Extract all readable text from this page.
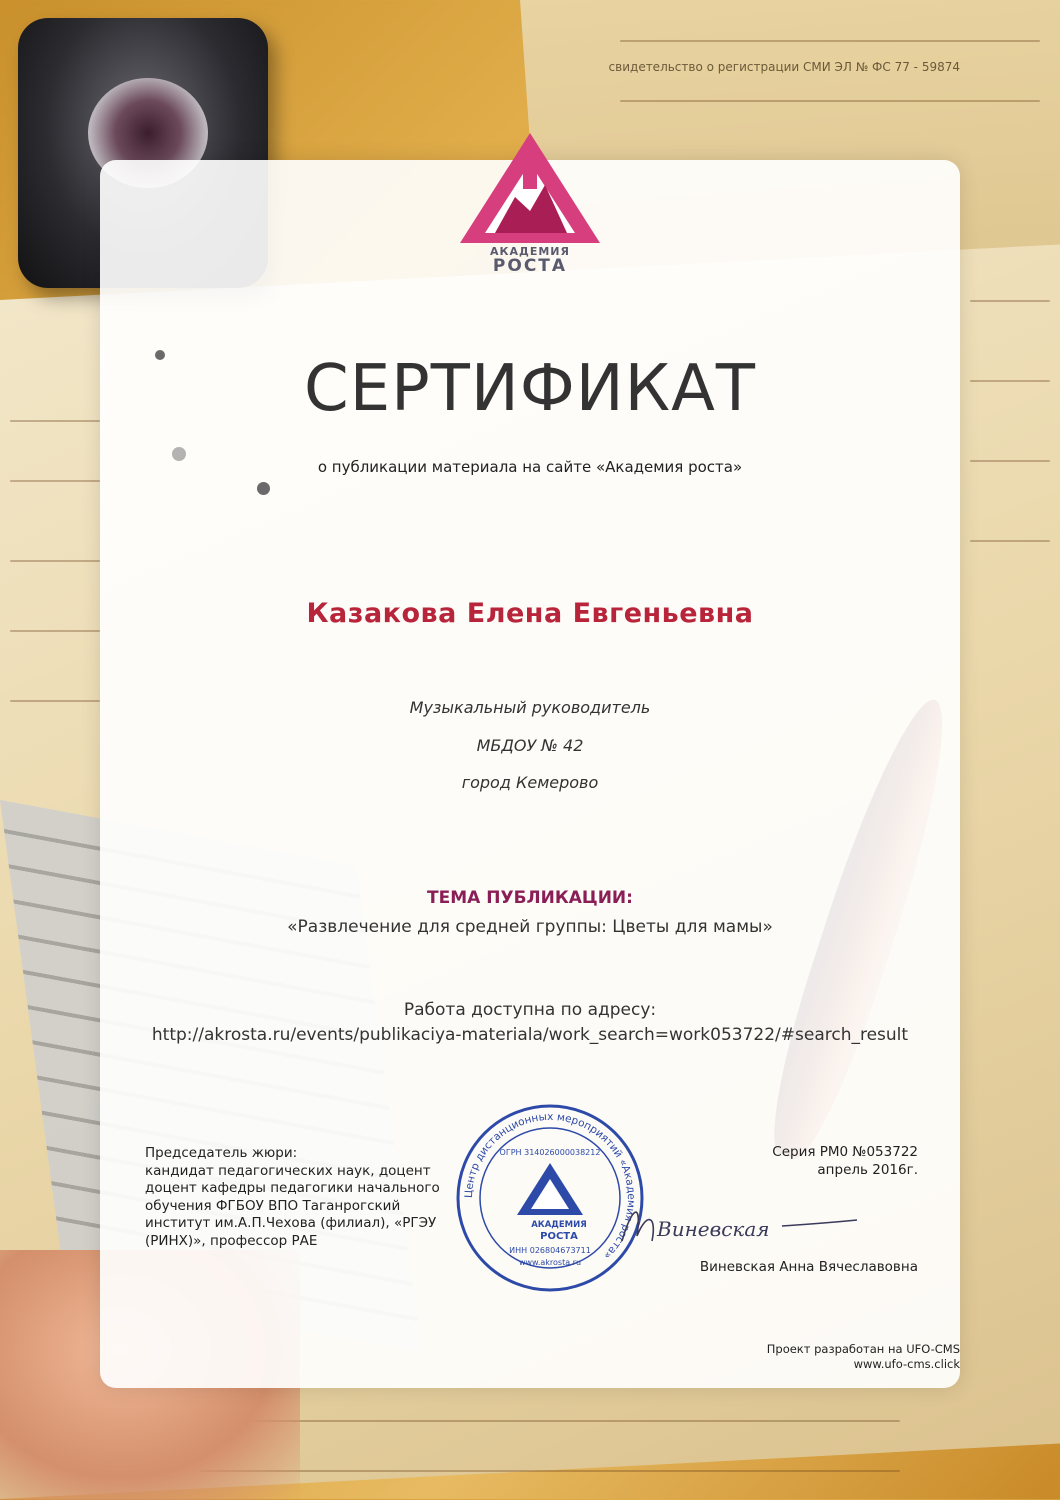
свидетельство о регистрации СМИ ЭЛ № ФС 77 - 59874
АКАДЕМИЯ
РОСТА
СЕРТИФИКАТ
о публикации материала на сайте «Академия роста»
Казакова Елена Евгеньевна
Музыкальный руководитель
МБДОУ № 42
город Кемерово
ТЕМА ПУБЛИКАЦИИ:
«Развлечение для средней группы: Цветы для мамы»
Работа доступна по адресу:
http://akrosta.ru/events/publikaciya-materiala/work_search=work053722/#search_result
Председатель жюри:
кандидат педагогических наук, доцент
доцент кафедры педагогики начального
обучения ФГБОУ ВПО Таганрогский
институт им.А.П.Чехова (филиал), «РГЭУ
(РИНХ)», профессор РАЕ
Серия РМ0 №053722
апрель 2016г.
Центр дистанционных мероприятий «Академия роста»
ОГРН 314026000038212
АКАДЕМИЯ
РОСТА
ИНН 026804673711
www.akrosta.ru
Виневская
Виневская Анна Вячеславовна
Проект разработан на UFO-CMS
www.ufo-cms.click
